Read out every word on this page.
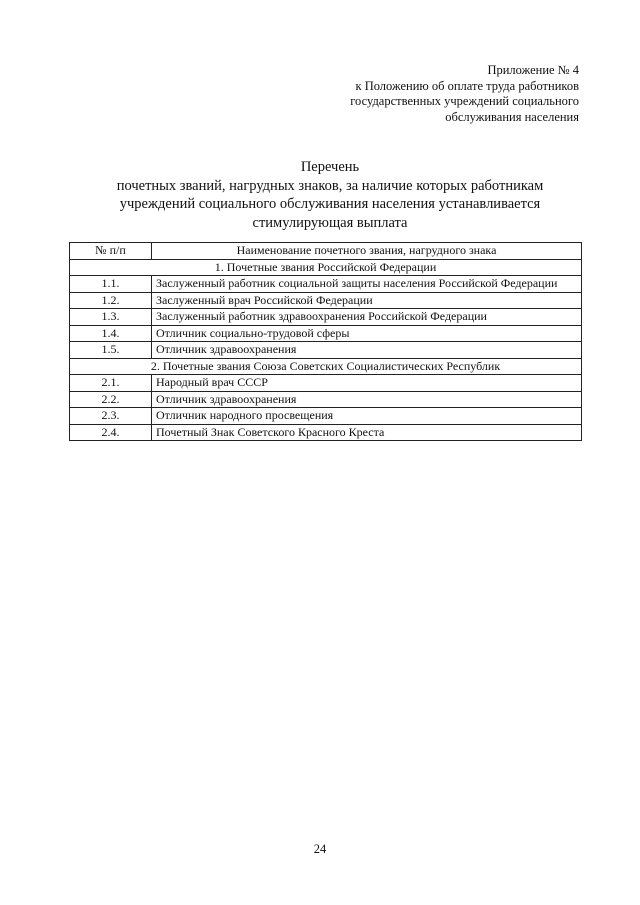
Приложение № 4
к Положению об оплате труда работников
государственных учреждений социального
обслуживания населения
Перечень
почетных званий, нагрудных знаков, за наличие которых работникам
учреждений социального обслуживания населения устанавливается
стимулирующая выплата
№ п/п	Наименование почетного звания, нагрудного знака
1. Почетные звания Российской Федерации	
1.1.	Заслуженный работник социальной защиты населения Российской Федерации
1.2.	Заслуженный врач Российской Федерации
1.3.	Заслуженный работник здравоохранения Российской Федерации
1.4.	Отличник социально-трудовой сферы
1.5.	Отличник здравоохранения
2. Почетные звания Союза Советских Социалистических Республик	
2.1.	Народный врач СССР
2.2.	Отличник здравоохранения
2.3.	Отличник народного просвещения
2.4.	Почетный Знак Советского Красного Креста
24
